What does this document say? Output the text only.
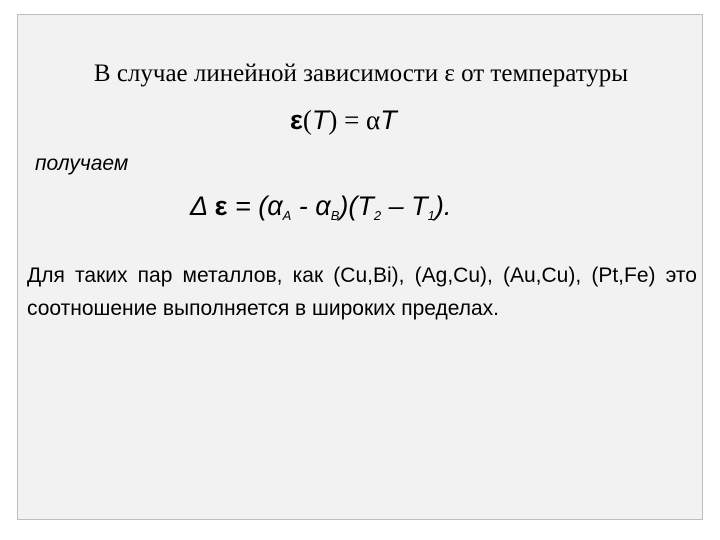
В случае линейной зависимости ε от температуры
ε(T) = αT
получаем
Δ $\varepsilon = (\alpha_A - \alpha_B)(T_2 - T_1)$.
Для таких пар металлов, как (Cu,Bi), (Ag,Cu), (Au,Cu), (Pt,Fe) это соотношение выполняется в широких пределах.
